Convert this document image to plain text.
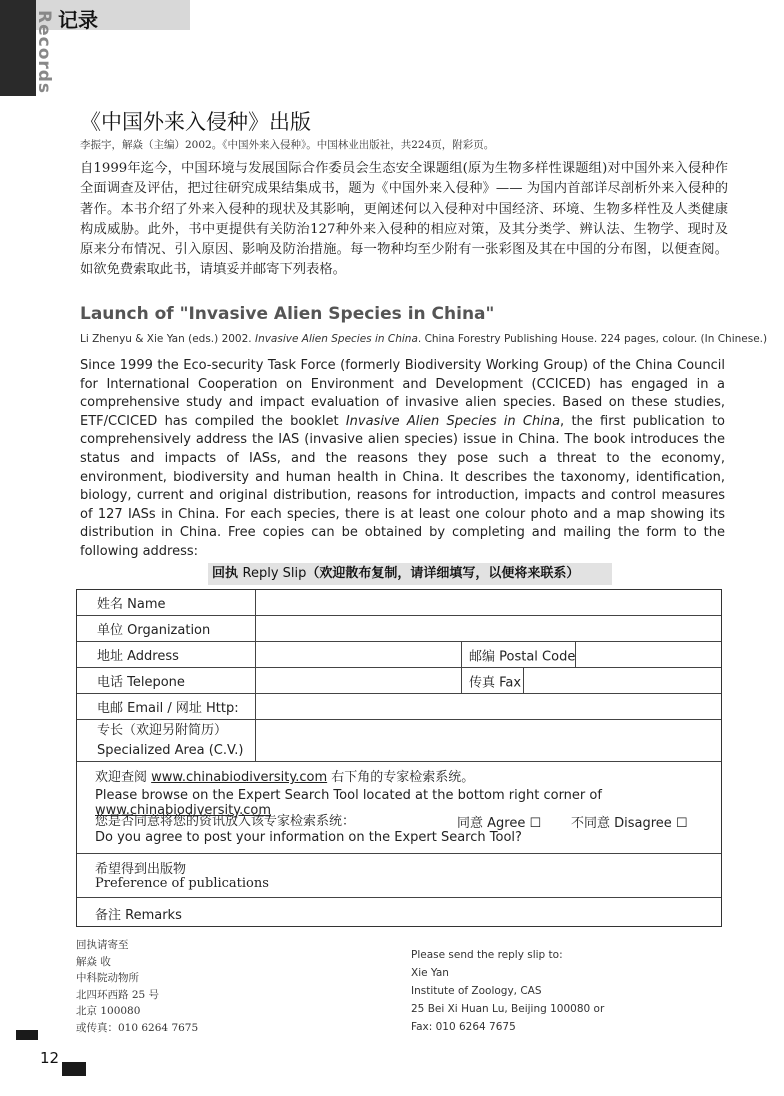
记录
Records
《中国外来入侵种》出版
李振宇，解焱（主编）2002。《中国外来入侵种》。中国林业出版社，共224页，附彩页。
自1999年迄今，中国环境与发展国际合作委员会生态安全课题组(原为生物多样性课题组)对中国外来入侵种作全面调查及评估，把过往研究成果结集成书，题为《中国外来入侵种》—— 为国内首部详尽剖析外来入侵种的著作。本书介绍了外来入侵种的现状及其影响，更阐述何以入侵种对中国经济、环境、生物多样性及人类健康构成威胁。此外，书中更提供有关防治127种外来入侵种的相应对策，及其分类学、辨认法、生物学、现时及原来分布情况、引入原因、影响及防治措施。每一物种均至少附有一张彩图及其在中国的分布图，以便查阅。如欲免费索取此书，请填妥并邮寄下列表格。
Launch of "Invasive Alien Species in China"
Li Zhenyu & Xie Yan (eds.) 2002. Invasive Alien Species in China. China Forestry Publishing House. 224 pages, colour. (In Chinese.)
Since 1999 the Eco-security Task Force (formerly Biodiversity Working Group) of the China Council for International Cooperation on Environment and Development (CCICED) has engaged in a comprehensive study and impact evaluation of invasive alien species. Based on these studies, ETF/CCICED has compiled the booklet Invasive Alien Species in China, the first publication to comprehensively address the IAS (invasive alien species) issue in China. The book introduces the status and impacts of IASs, and the reasons they pose such a threat to the economy, environment, biodiversity and human health in China. It describes the taxonomy, identification, biology, current and original distribution, reasons for introduction, impacts and control measures of 127 IASs in China. For each species, there is at least one colour photo and a map showing its distribution in China. Free copies can be obtained by completing and mailing the form to the following address:
回执 Reply Slip（欢迎散布复制，请详细填写，以便将来联系）
姓名 Name
单位 Organization
地址 Address	邮编 Postal Code
电话 Telepone	传真 Fax
电邮 Email / 网址 Http:
专长（欢迎另附简历）
Specialized Area (C.V.)
欢迎查阅 www.chinabiodiversity.com 右下角的专家检索系统。
Please browse on the Expert Search Tool located at the bottom right corner of www.chinabiodiversity.com
您是否同意将您的资讯放入该专家检索系统：	同意 Agree ☐ 不同意 Disagree ☐
Do you agree to post your information on the Expert Search Tool?
希望得到出版物
Preference of publications
备注 Remarks
回执请寄至
解焱 收
中科院动物所
北四环西路 25 号
北京 100080
或传真：010 6264 7675
Please send the reply slip to:
Xie Yan
Institute of Zoology, CAS
25 Bei Xi Huan Lu, Beijing 100080 or
Fax: 010 6264 7675
12
